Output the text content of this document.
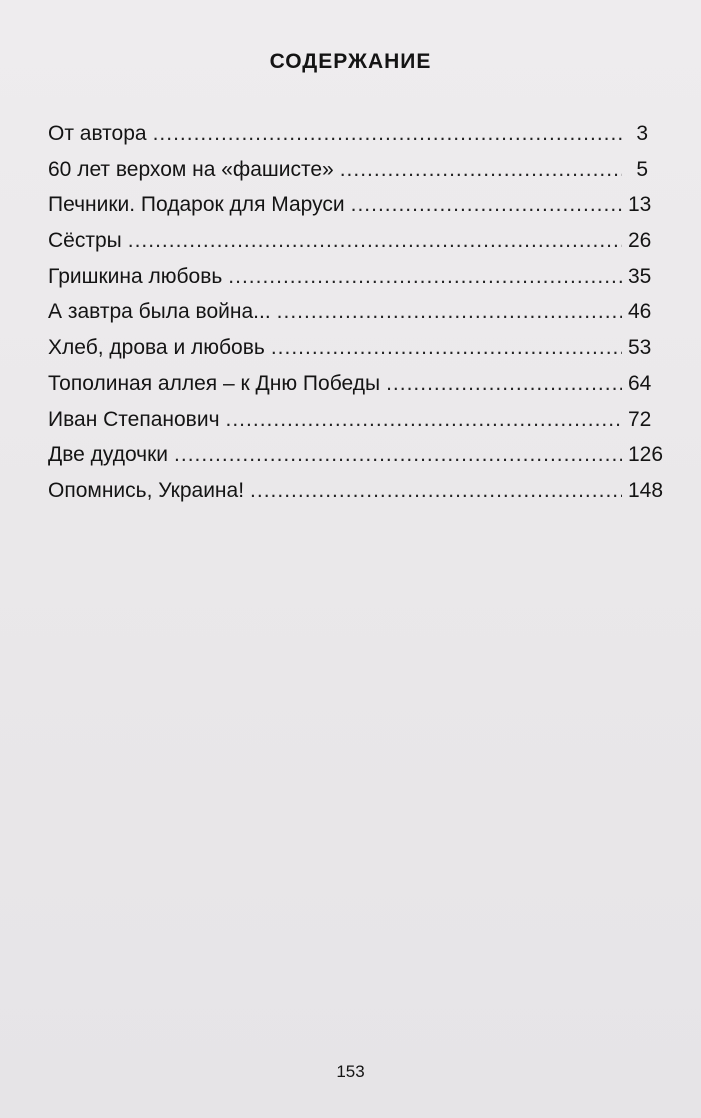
СОДЕРЖАНИЕ
От автора .....	3
60 лет верхом на «фашисте» .....	5
Печники. Подарок для Маруси .....	13
Сёстры .....	26
Гришкина любовь .....	35
А завтра была война... .....	46
Хлеб, дрова и любовь .....	53
Тополиная аллея – к Дню Победы .....	64
Иван Степанович .....	72
Две дудочки .....	126
Опомнись, Украина! .....	148
153
